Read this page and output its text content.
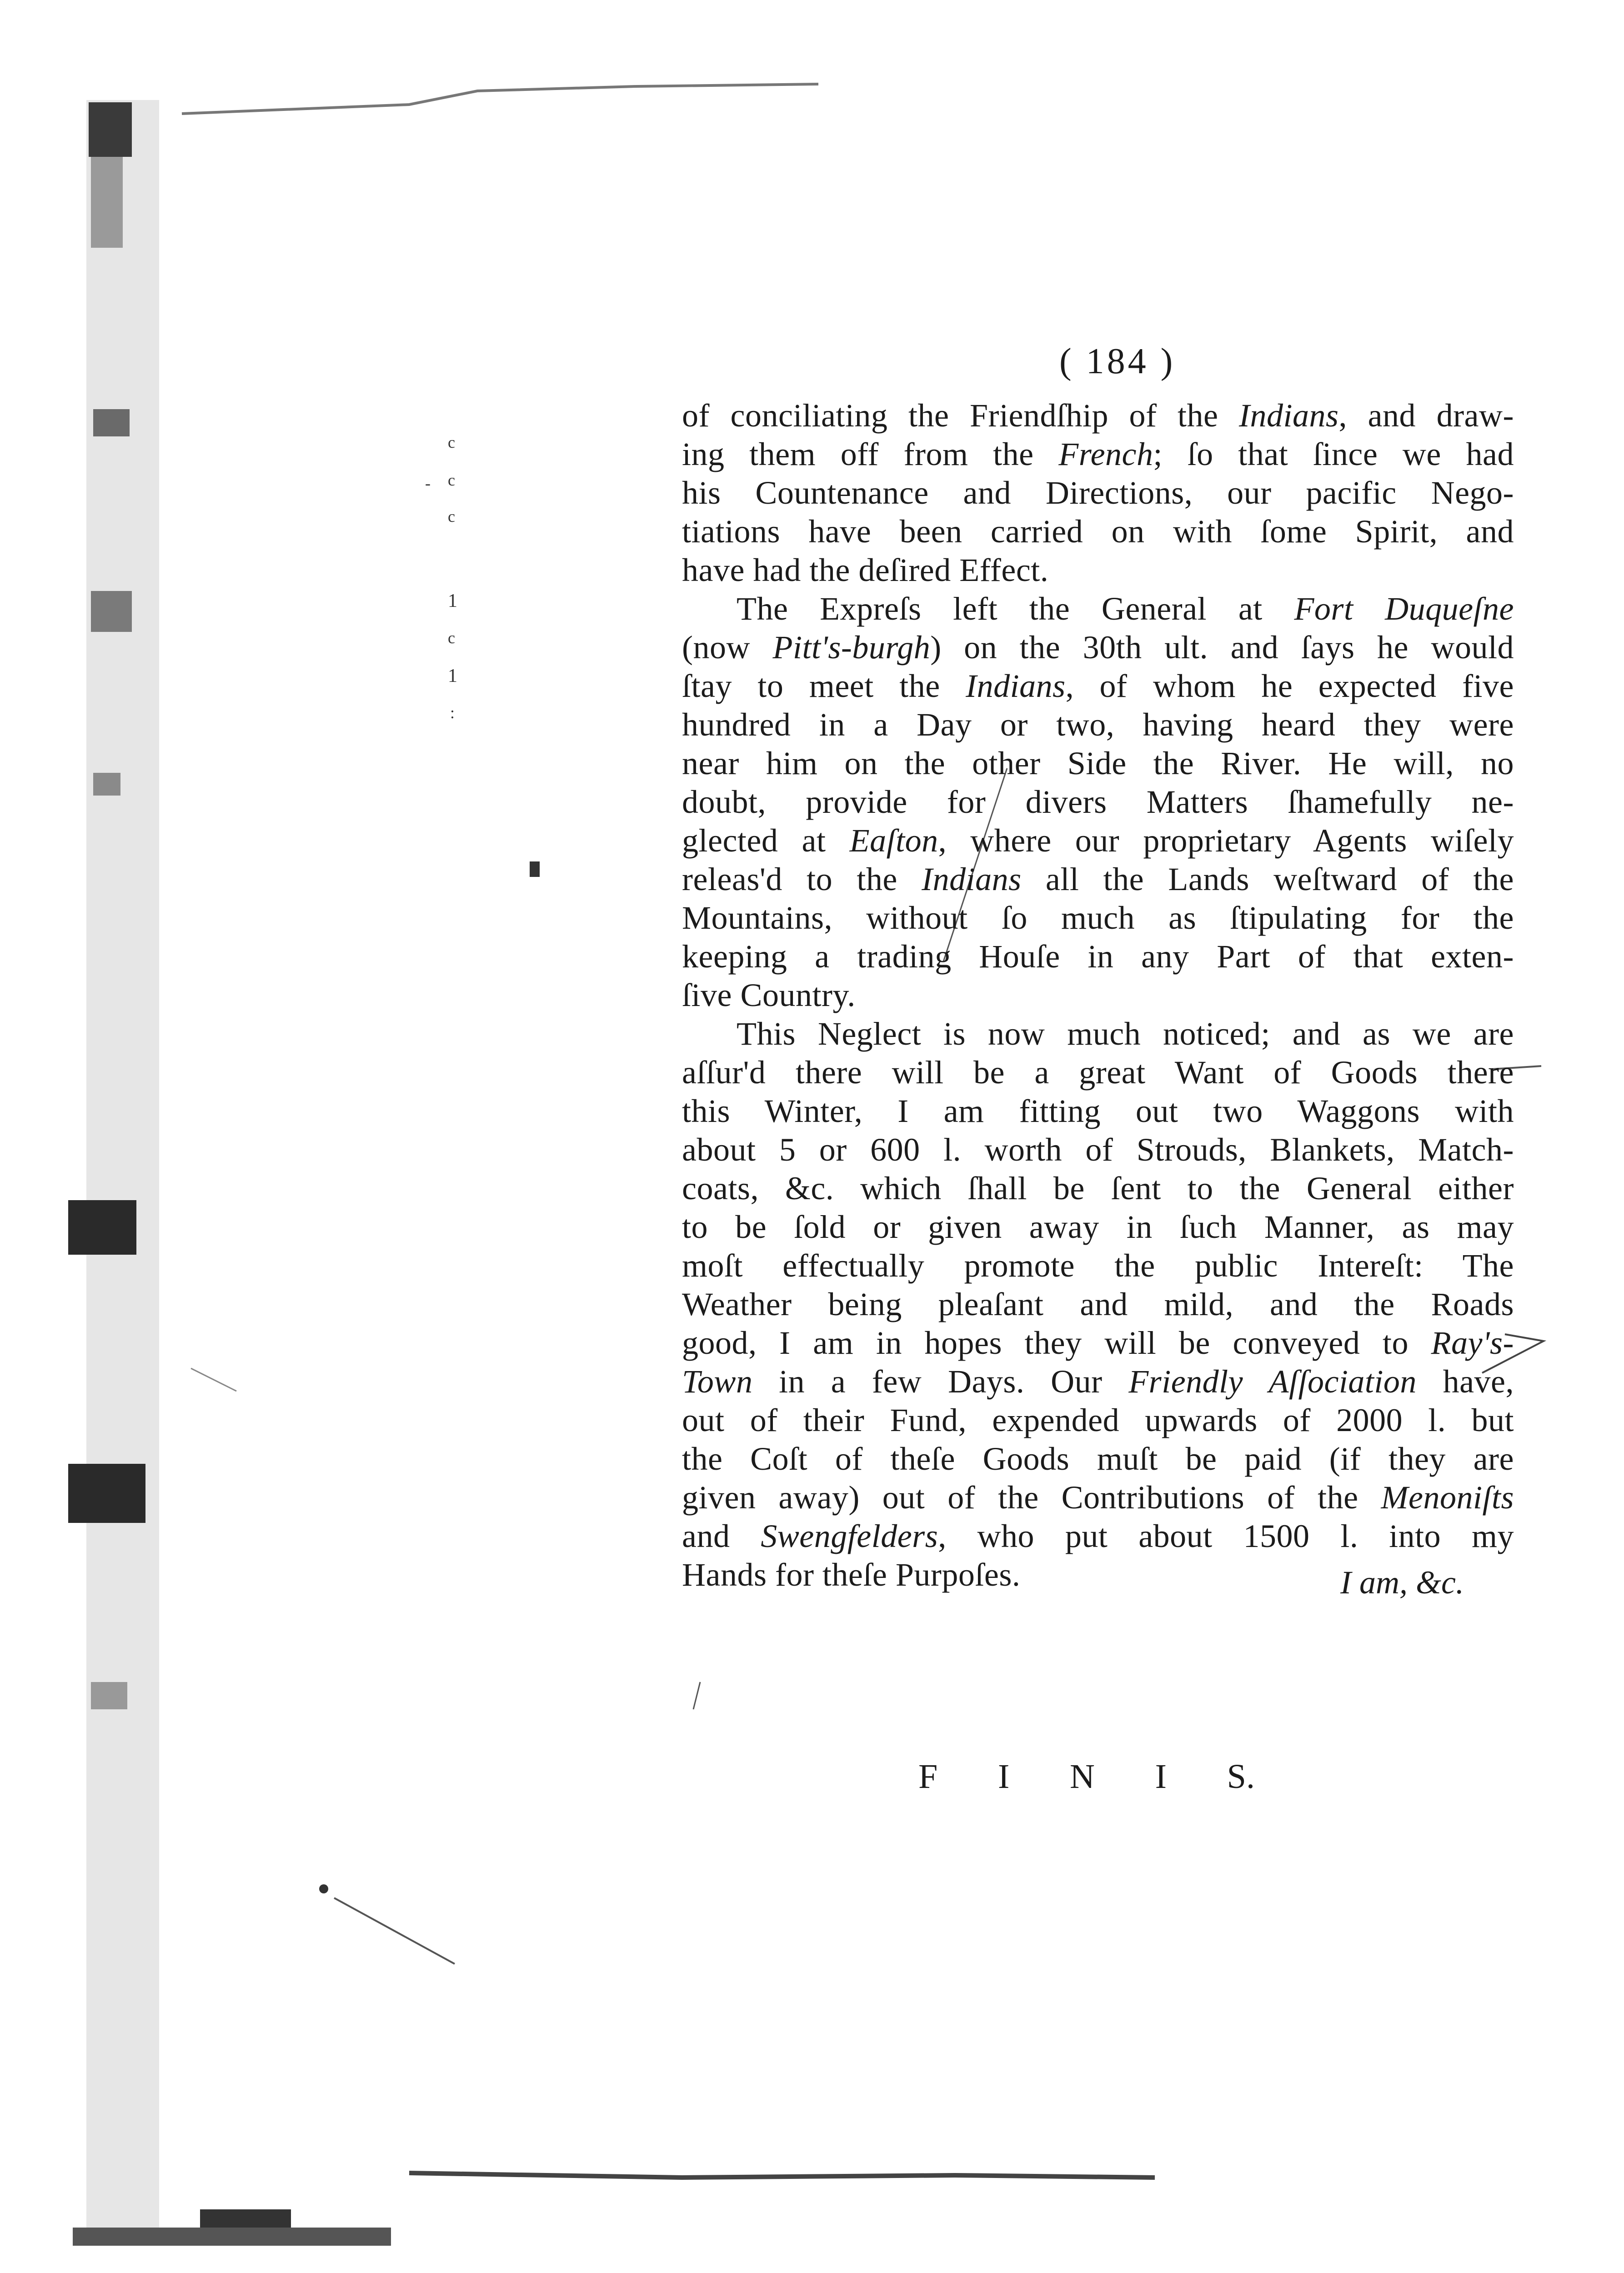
c
- c
c
1
c
1
:

( 184 )

of conciliating the Friendſhip of the Indians, and draw-
ing them off from the French; ſo that ſince we had
his Countenance and Directions, our pacific Nego-
tiations have been carried on with ſome Spirit, and
have had the deſired Effect.
The Expreſs left the General at Fort Duqueſne
(now Pitt's-burgh) on the 30th ult. and ſays he would
ſtay to meet the Indians, of whom he expected five
hundred in a Day or two, having heard they were
near him on the other Side the River. He will, no
doubt, provide for divers Matters ſhamefully ne-
glected at Eaſton, where our proprietary Agents wiſely
releas'd to the Indians all the Lands weſtward of the
Mountains, without ſo much as ſtipulating for the
keeping a trading Houſe in any Part of that exten-
ſive Country.
This Neglect is now much noticed; and as we are
aſſur'd there will be a great Want of Goods there
this Winter, I am fitting out two Waggons with
about 5 or 600 l. worth of Strouds, Blankets, Match-
coats, &c. which ſhall be ſent to the General either
to be ſold or given away in ſuch Manner, as may
moſt effectually promote the public Intereſt: The
Weather being pleaſant and mild, and the Roads
good, I am in hopes they will be conveyed to Ray's-
Town in a few Days. Our Friendly Aſſociation have,
out of their Fund, expended upwards of 2000 l. but
the Coſt of theſe Goods muſt be paid (if they are
given away) out of the Contributions of the Menoniſts
and Swengfelders, who put about 1500 l. into my
Hands for theſe Purpoſes.	I am, &c.

F I N I S.
